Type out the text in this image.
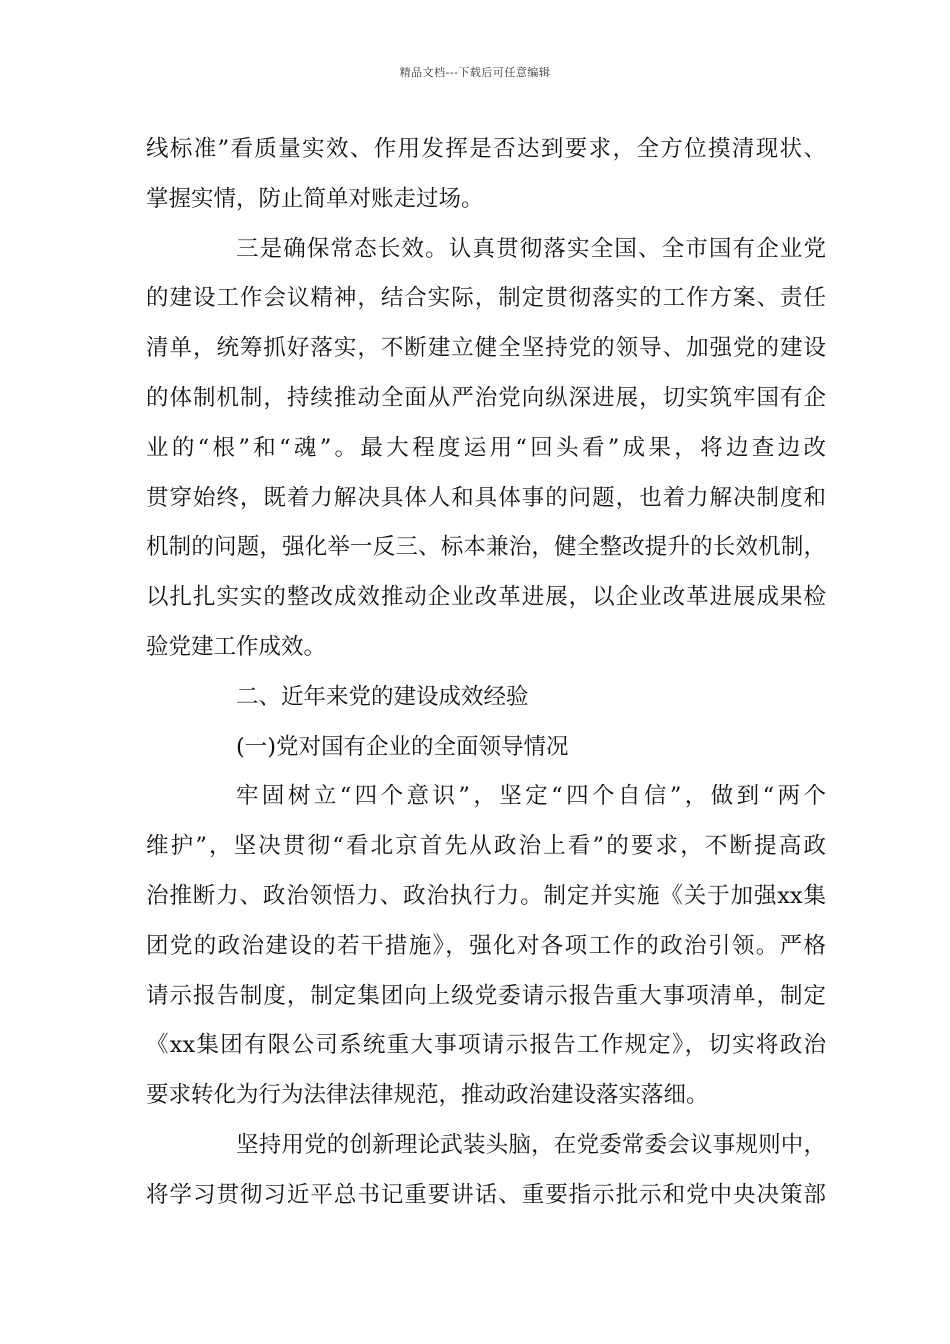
精品文档---下载后可任意编辑
线标准”看质量实效、作用发挥是否达到要求，全方位摸清现状、
掌握实情，防止简单对账走过场。
三是确保常态长效。认真贯彻落实全国、全市国有企业党
的建设工作会议精神，结合实际，制定贯彻落实的工作方案、责任
清单，统筹抓好落实，不断建立健全坚持党的领导、加强党的建设
的体制机制，持续推动全面从严治党向纵深进展，切实筑牢国有企
业的“根”和“魂”。最大程度运用“回头看”成果，将边查边改
贯穿始终，既着力解决具体人和具体事的问题，也着力解决制度和
机制的问题，强化举一反三、标本兼治，健全整改提升的长效机制，
以扎扎实实的整改成效推动企业改革进展，以企业改革进展成果检
验党建工作成效。
二、近年来党的建设成效经验
(一)党对国有企业的全面领导情况
牢固树立“四个意识”，坚定“四个自信”，做到“两个
维护”，坚决贯彻“看北京首先从政治上看”的要求，不断提高政
治推断力、政治领悟力、政治执行力。制定并实施《关于加强xx集
团党的政治建设的若干措施》，强化对各项工作的政治引领。严格
请示报告制度，制定集团向上级党委请示报告重大事项清单，制定
《xx集团有限公司系统重大事项请示报告工作规定》，切实将政治
要求转化为行为法律法律规范，推动政治建设落实落细。
坚持用党的创新理论武装头脑，在党委常委会议事规则中，
将学习贯彻习近平总书记重要讲话、重要指示批示和党中央决策部
